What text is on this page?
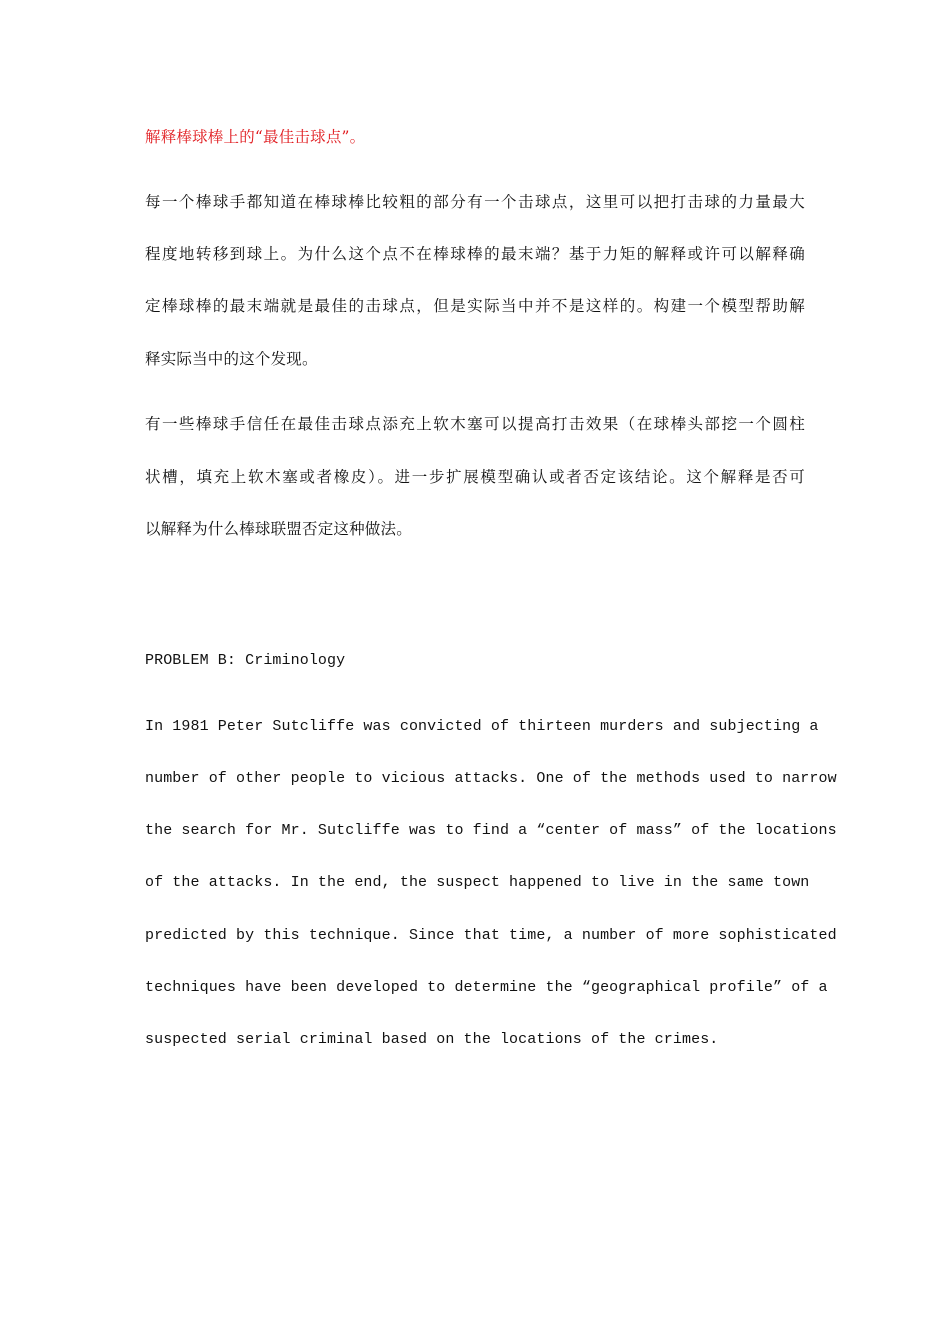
解释棒球棒上的“最佳击球点”。
每一个棒球手都知道在棒球棒比较粗的部分有一个击球点，这里可以把打击球的力量最大
程度地转移到球上。为什么这个点不在棒球棒的最末端？基于力矩的解释或许可以解释确
定棒球棒的最末端就是最佳的击球点，但是实际当中并不是这样的。构建一个模型帮助解
释实际当中的这个发现。
有一些棒球手信任在最佳击球点添充上软木塞可以提高打击效果（在球棒头部挖一个圆柱
状槽，填充上软木塞或者橡皮）。进一步扩展模型确认或者否定该结论。这个解释是否可
以解释为什么棒球联盟否定这种做法。
PROBLEM B: Criminology
In 1981 Peter Sutcliffe was convicted of thirteen murders and subjecting a
number of other people to vicious attacks. One of the methods used to narrow
the search for Mr. Sutcliffe was to find a “center of mass” of the locations
of the attacks. In the end, the suspect happened to live in the same town
predicted by this technique. Since that time, a number of more sophisticated
techniques have been developed to determine the “geographical profile” of a
suspected serial criminal based on the locations of the crimes.
